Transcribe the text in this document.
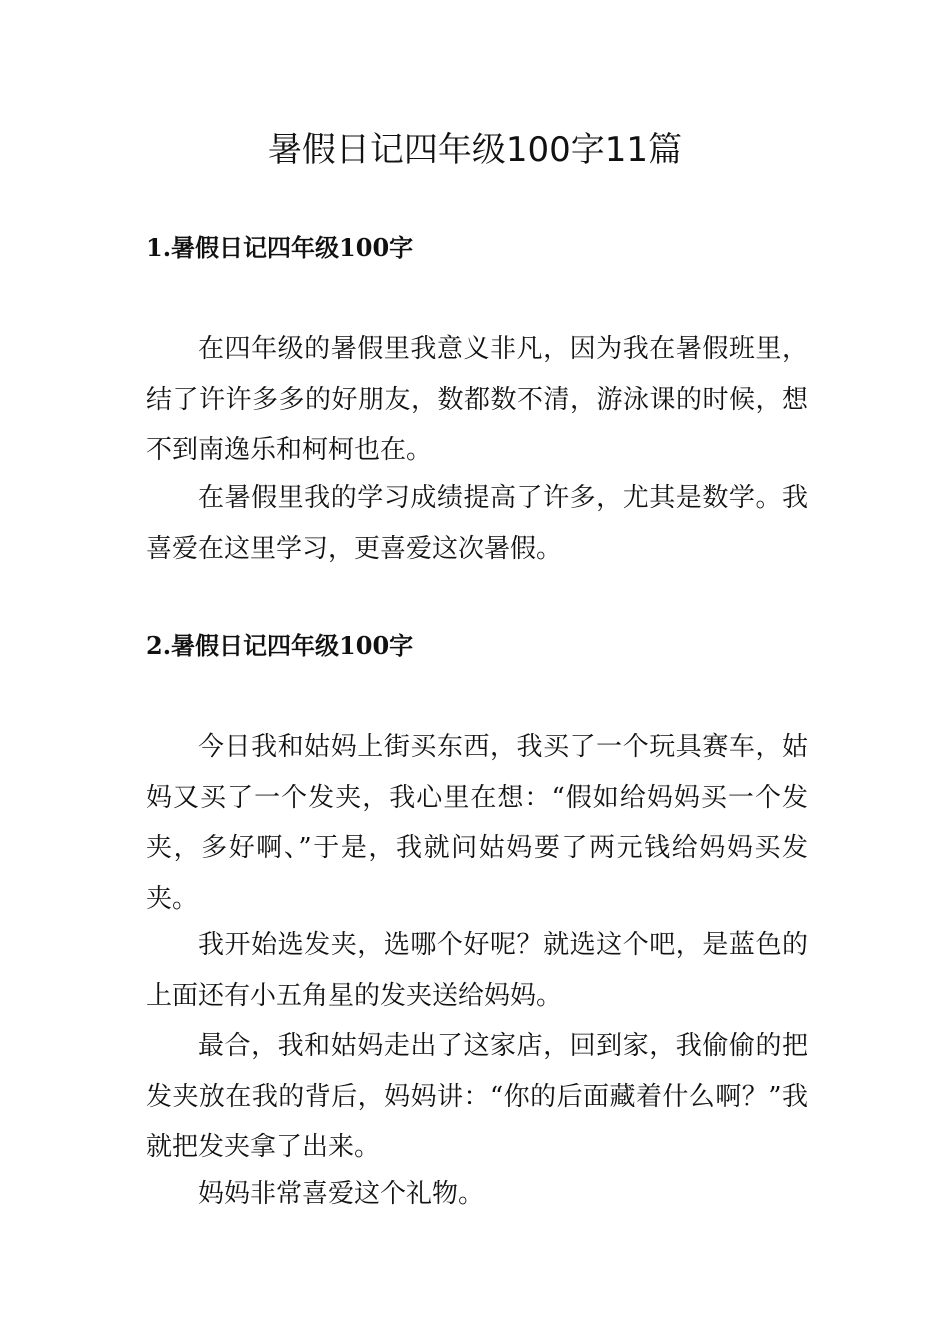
暑假日记四年级100字11篇
1.暑假日记四年级100字

在四年级的暑假里我意义非凡，因为我在暑假班里，结了许许多多的好朋友，数都数不清，游泳课的时候，想不到南逸乐和柯柯也在。

在暑假里我的学习成绩提高了许多，尤其是数学。我喜爱在这里学习，更喜爱这次暑假。

2.暑假日记四年级100字

今日我和姑妈上街买东西，我买了一个玩具赛车，姑妈又买了一个发夹，我心里在想：“假如给妈妈买一个发夹，多好啊、”于是，我就问姑妈要了两元钱给妈妈买发夹。

我开始选发夹，选哪个好呢？就选这个吧，是蓝色的上面还有小五角星的发夹送给妈妈。

最合，我和姑妈走出了这家店，回到家，我偷偷的把发夹放在我的背后，妈妈讲：“你的后面藏着什么啊？”我就把发夹拿了出来。

妈妈非常喜爱这个礼物。
